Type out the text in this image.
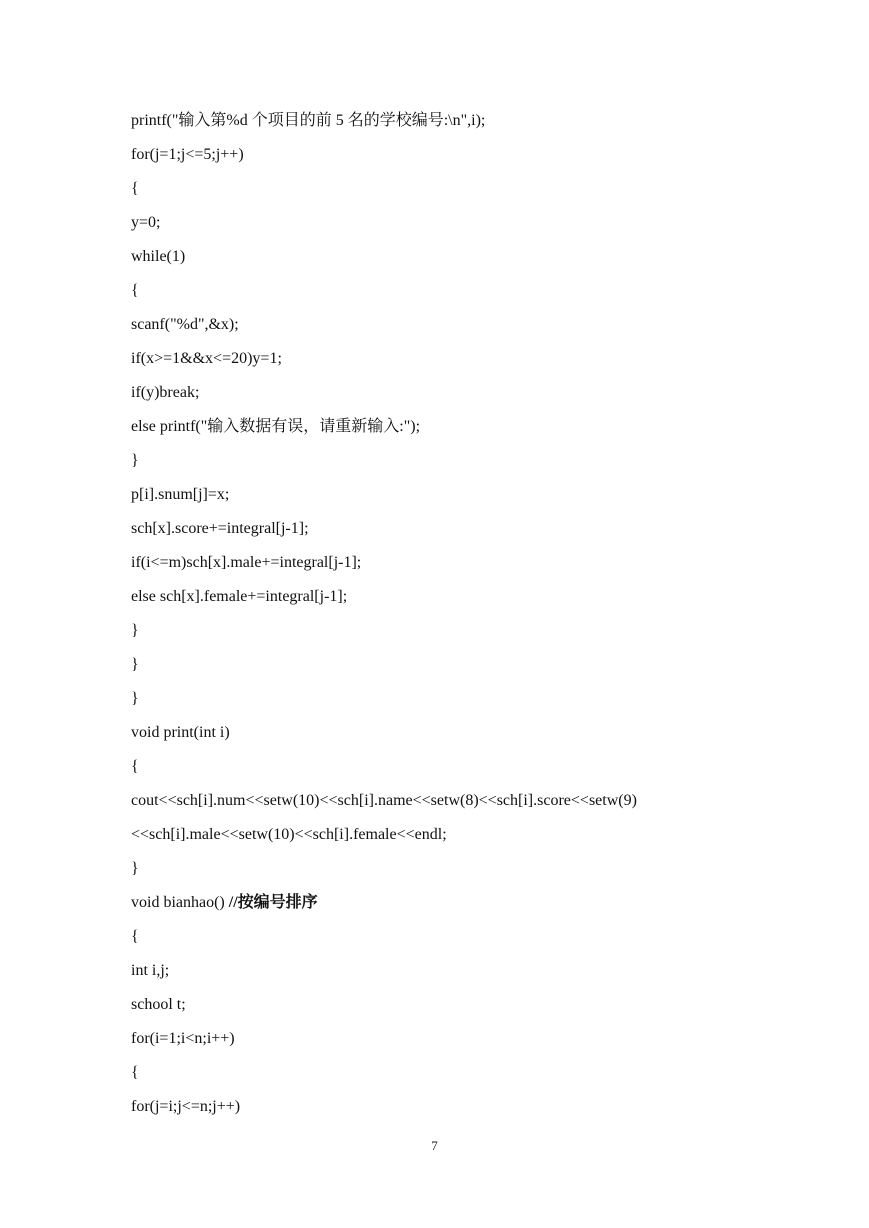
printf("输入第%d 个项目的前 5 名的学校编号:\n",i);
for(j=1;j<=5;j++)
{
y=0;
while(1)
{
scanf("%d",&x);
if(x>=1&&x<=20)y=1;
if(y)break;
else printf("输入数据有误，请重新输入:");
}
p[i].snum[j]=x;
sch[x].score+=integral[j-1];
if(i<=m)sch[x].male+=integral[j-1];
else sch[x].female+=integral[j-1];
}
}
}
void print(int i)
{
cout<<sch[i].num<<setw(10)<<sch[i].name<<setw(8)<<sch[i].score<<setw(9)
<<sch[i].male<<setw(10)<<sch[i].female<<endl;
}
void bianhao() //按编号排序
{
int i,j;
school t;
for(i=1;i<n;i++)
{
for(j=i;j<=n;j++)
7
